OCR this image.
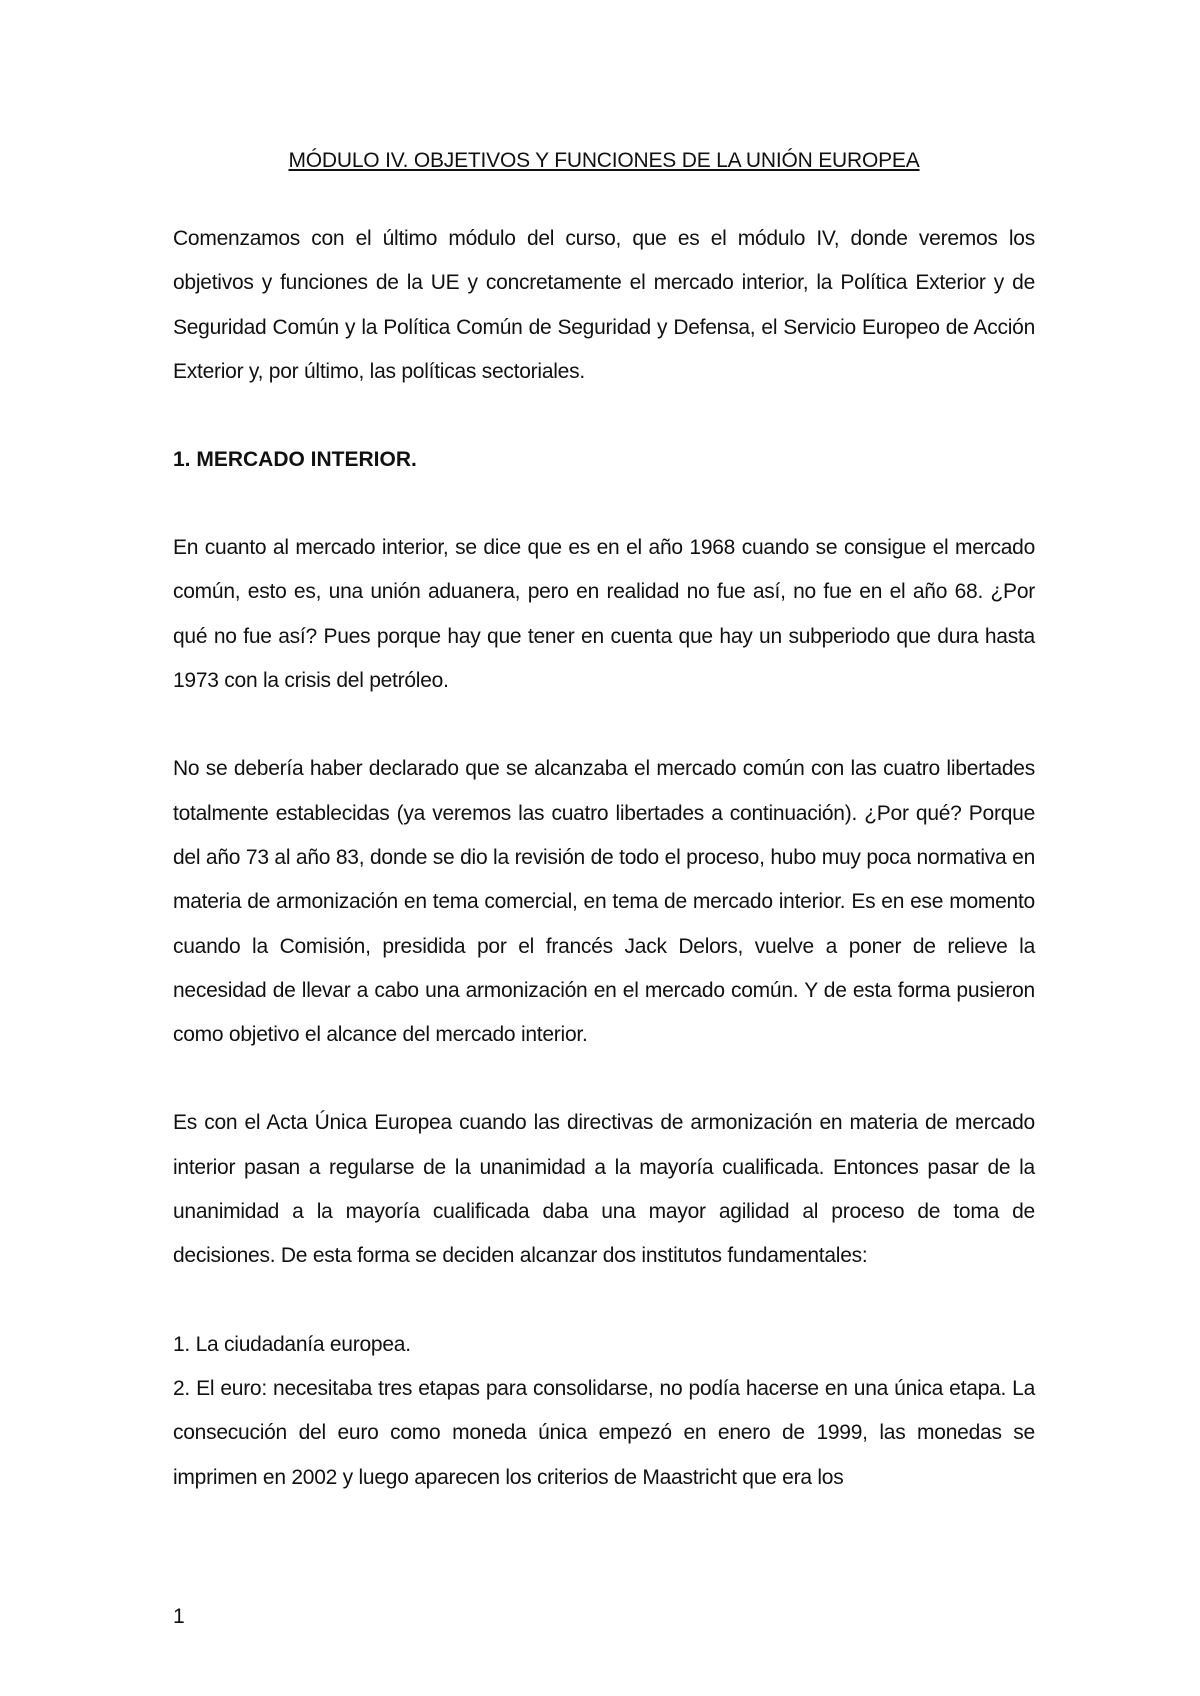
MÓDULO IV. OBJETIVOS Y FUNCIONES DE LA UNIÓN EUROPEA

Comenzamos con el último módulo del curso, que es el módulo IV, donde veremos los objetivos y funciones de la UE y concretamente el mercado interior, la Política Exterior y de Seguridad Común y la Política Común de Seguridad y Defensa, el Servicio Europeo de Acción Exterior y, por último, las políticas sectoriales.

1. MERCADO INTERIOR.

En cuanto al mercado interior, se dice que es en el año 1968 cuando se consigue el mercado común, esto es, una unión aduanera, pero en realidad no fue así, no fue en el año 68. ¿Por qué no fue así? Pues porque hay que tener en cuenta que hay un subperiodo que dura hasta 1973 con la crisis del petróleo.

No se debería haber declarado que se alcanzaba el mercado común con las cuatro libertades totalmente establecidas (ya veremos las cuatro libertades a continuación). ¿Por qué? Porque del año 73 al año 83, donde se dio la revisión de todo el proceso, hubo muy poca normativa en materia de armonización en tema comercial, en tema de mercado interior. Es en ese momento cuando la Comisión, presidida por el francés Jack Delors, vuelve a poner de relieve la necesidad de llevar a cabo una armonización en el mercado común. Y de esta forma pusieron como objetivo el alcance del mercado interior.

Es con el Acta Única Europea cuando las directivas de armonización en materia de mercado interior pasan a regularse de la unanimidad a la mayoría cualificada. Entonces pasar de la unanimidad a la mayoría cualificada daba una mayor agilidad al proceso de toma de decisiones. De esta forma se deciden alcanzar dos institutos fundamentales:

1. La ciudadanía europea.

2. El euro: necesitaba tres etapas para consolidarse, no podía hacerse en una única etapa. La consecución del euro como moneda única empezó en enero de 1999, las monedas se imprimen en 2002 y luego aparecen los criterios de Maastricht que era los

1
